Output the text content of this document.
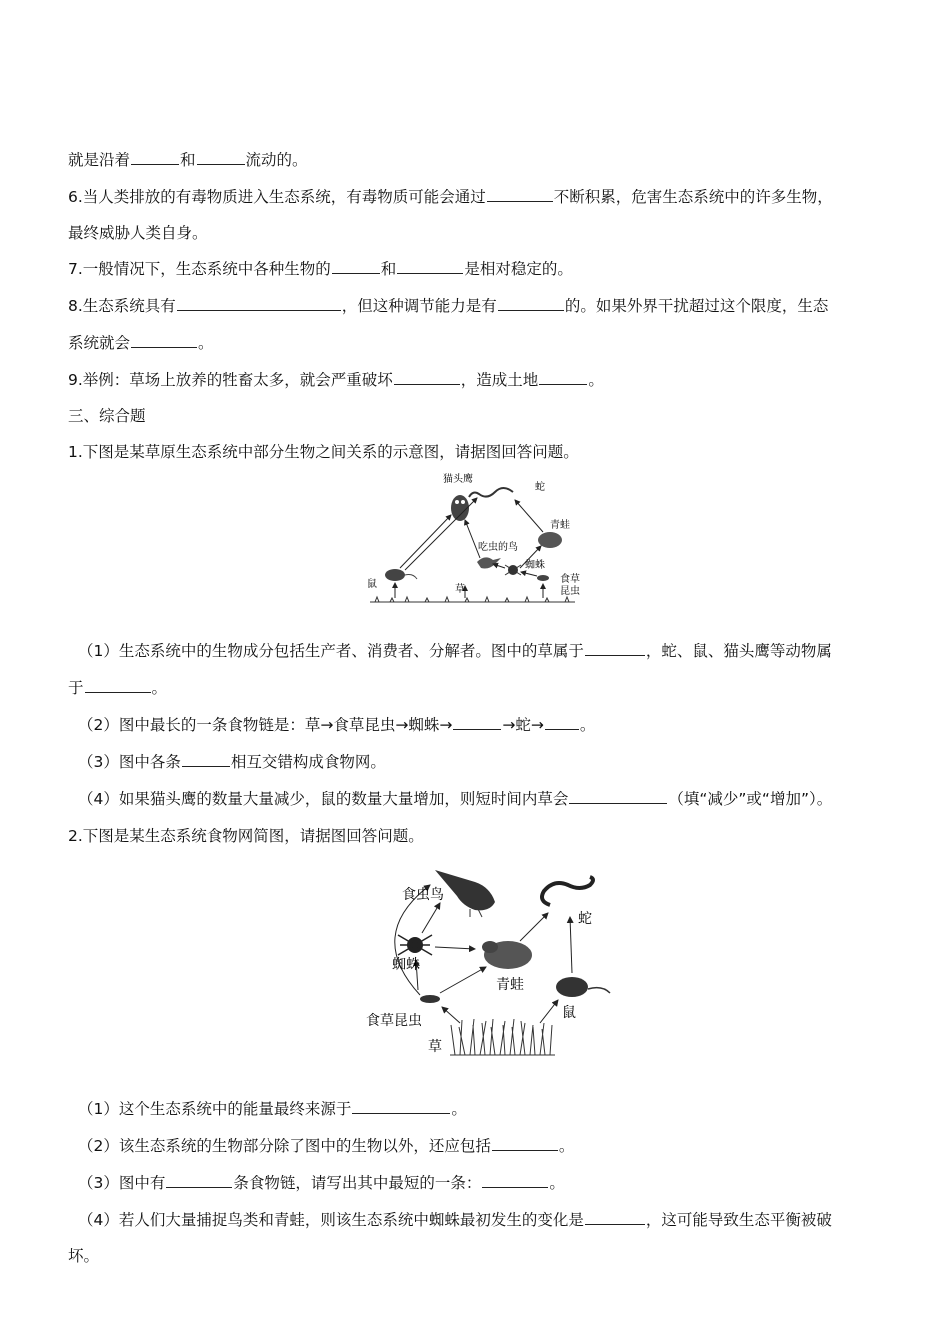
就是沿着	和	流动的。
6.当人类排放的有毒物质进入生态系统，有毒物质可能会通过	不断积累，危害生态系统中的许多生物，
最终威胁人类自身。
7.一般情况下，生态系统中各种生物的	和	是相对稳定的。
8.生态系统具有	，但这种调节能力是有	的。如果外界干扰超过这个限度，生态
系统就会	。
9.举例：草场上放养的牲畜太多，就会严重破坏	，造成土地	。
三、综合题
1.下图是某草原生态系统中部分生物之间关系的示意图，请据图回答问题。
猫头鹰
蛇
青蛙
吃虫的鸟
蜘蛛
鼠	草
食草
昆虫
（1）生态系统中的生物成分包括生产者、消费者、分解者。图中的草属于	，蛇、鼠、猫头鹰等动物属
于	。
（2）图中最长的一条食物链是：草→食草昆虫→蜘蛛→	→蛇→ 。
（3）图中各条	相互交错构成食物网。
（4）如果猫头鹰的数量大量减少，鼠的数量大量增加，则短时间内草会	（填“减少”或“增加”）。
2.下图是某生态系统食物网简图，请据图回答问题。
食虫鸟
蛇
蜘蛛
青蛙
鼠
食草昆虫
草
（1）这个生态系统中的能量最终来源于	。
（2）该生态系统的生物部分除了图中的生物以外，还应包括	。
（3）图中有	条食物链，请写出其中最短的一条：	。
（4）若人们大量捕捉鸟类和青蛙，则该生态系统中蜘蛛最初发生的变化是	，这可能导致生态平衡被破
坏。
